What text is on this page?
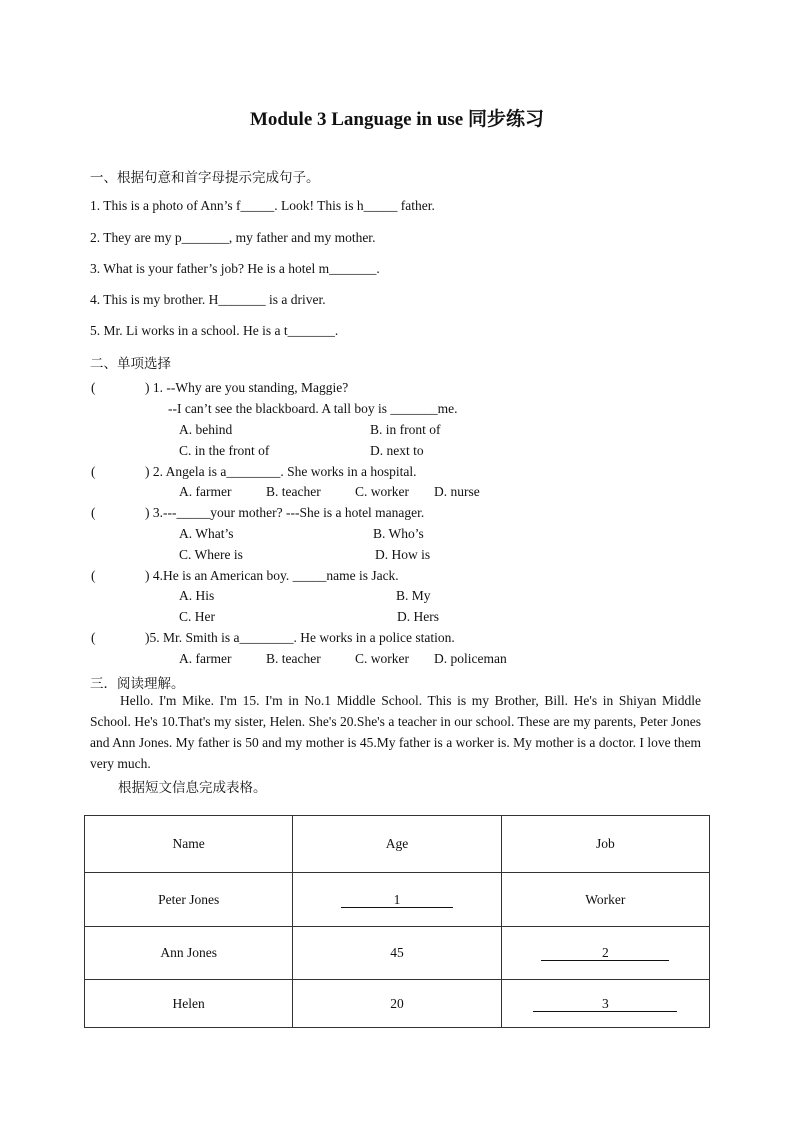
Module 3 Language in use 同步练习
一、根据句意和首字母提示完成句子。
1. This is a photo of Ann’s f_____. Look! This is h_____ father.
2. They are my p_______, my father and my mother.
3. What is your father’s job? He is a hotel m_______.
4. This is my brother. H_______ is a driver.
5. Mr. Li works in a school. He is a t_______.
二、单项选择
(	) 1. --Why are you standing, Maggie?
--I can’t see the blackboard. A tall boy is _______me.
A. behind	B. in front of
C. in the front of	D. next to
(	) 2. Angela is a________. She works in a hospital.
A. farmer	B. teacher	C. worker D. nurse
(	) 3.---_____your mother? ---She is a hotel manager.
A. What’s	B. Who’s
C. Where is	D. How is
(	) 4.He is an American boy. _____name is Jack.
A. His	B. My
C. Her	D. Hers
(	)5. Mr. Smith is a________. He works in a police station.
A. farmer	B. teacher	C. worker D. policeman
三．阅读理解。
Hello. I'm Mike. I'm 15. I'm in No.1 Middle School. This is my Brother, Bill. He's in Shiyan Middle School. He's 10.That's my sister, Helen. She's 20.She's a teacher in our school. These are my parents, Peter Jones and Ann Jones. My father is 50 and my mother is 45.My father is a worker is. My mother is a doctor. I love them very much.
根据短文信息完成表格。
Name	Age	Job
Peter Jones	1	Worker
Ann Jones	45	2
Helen	20	3
